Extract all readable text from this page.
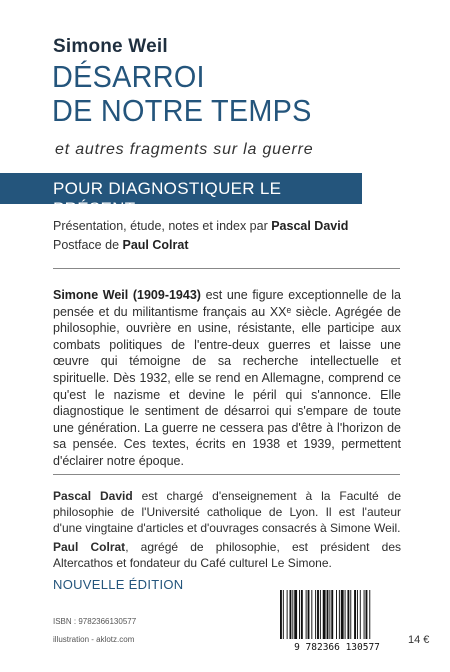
Simone Weil
DÉSARROI
DE NOTRE TEMPS
et autres fragments sur la guerre
POUR DIAGNOSTIQUER LE PRÉSENT
Présentation, étude, notes et index par Pascal David
Postface de Paul Colrat
Simone Weil (1909-1943) est une figure exceptionnelle de la pensée et du militantisme français au XXᵉ siècle. Agrégée de philosophie, ouvrière en usine, résistante, elle participe aux combats politiques de l'entre-deux guerres et laisse une œuvre qui témoigne de sa recherche intellectuelle et spirituelle. Dès 1932, elle se rend en Allemagne, comprend ce qu'est le nazisme et devine le péril qui s'annonce. Elle diagnostique le sentiment de désarroi qui s'empare de toute une génération. La guerre ne cessera pas d'être à l'horizon de sa pensée. Ces textes, écrits en 1938 et 1939, permettent d'éclairer notre époque.
Pascal David est chargé d'enseignement à la Faculté de philosophie de l'Université catholique de Lyon. Il est l'auteur d'une vingtaine d'articles et d'ouvrages consacrés à Simone Weil.
Paul Colrat, agrégé de philosophie, est président des Altercathos et fondateur du Café culturel Le Simone.
NOUVELLE ÉDITION
ISBN : 9782366130577
illustration - aklotz.com
9 782366 130577
14 €
